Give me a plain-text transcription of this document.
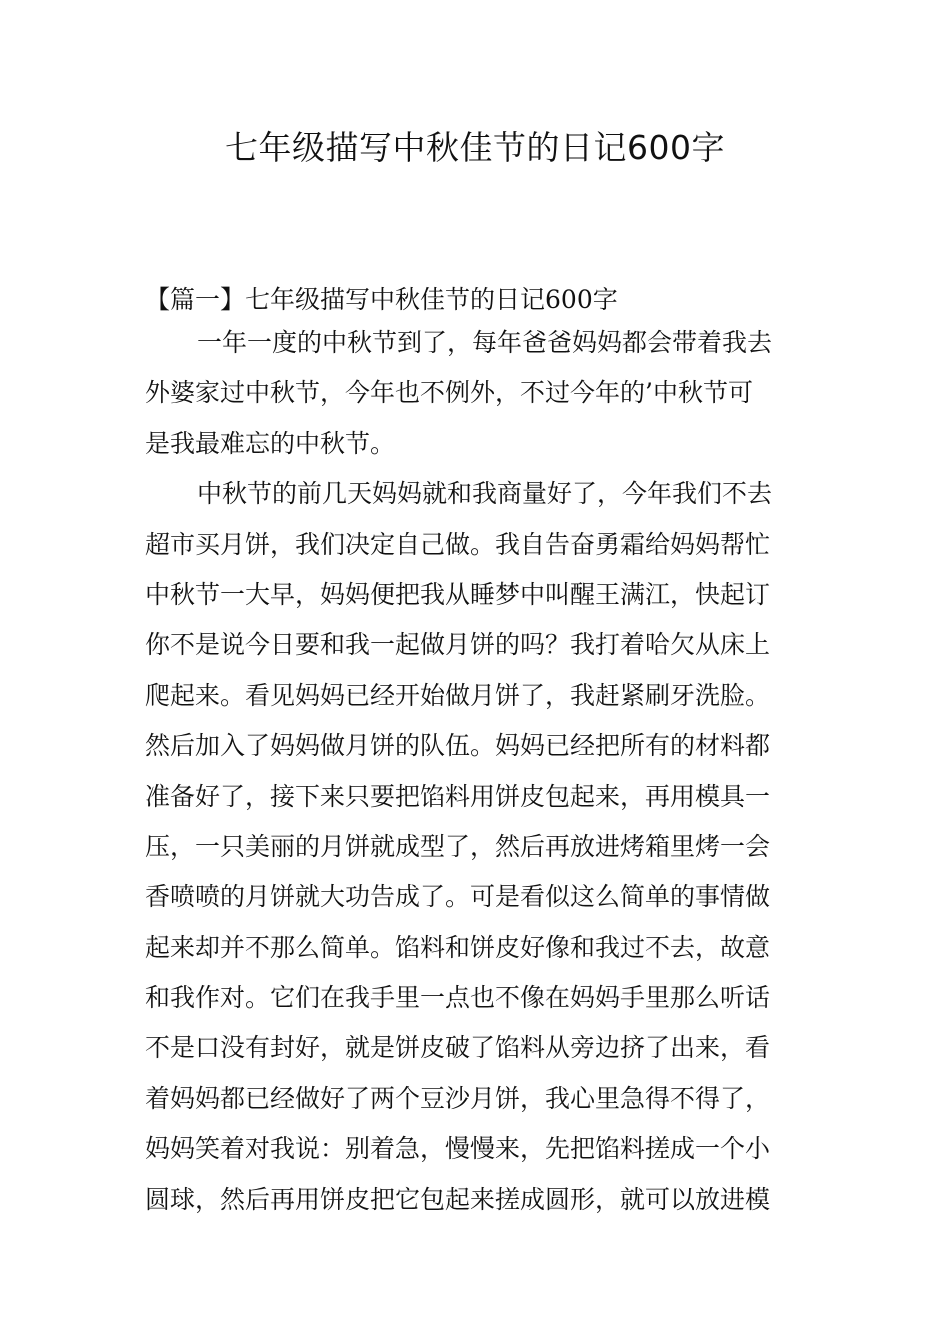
七年级描写中秋佳节的日记600字
【篇一】七年级描写中秋佳节的日记600字
一年一度的中秋节到了，每年爸爸妈妈都会带着我去
外婆家过中秋节，今年也不例外，不过今年的’中秋节可
是我最难忘的中秋节。
中秋节的前几天妈妈就和我商量好了，今年我们不去
超市买月饼，我们决定自己做。我自告奋勇霜给妈妈帮忙
中秋节一大早，妈妈便把我从睡梦中叫醒王满江，快起订
你不是说今日要和我一起做月饼的吗？我打着哈欠从床上
爬起来。看见妈妈已经开始做月饼了，我赶紧刷牙洗脸。
然后加入了妈妈做月饼的队伍。妈妈已经把所有的材料都
准备好了，接下来只要把馅料用饼皮包起来，再用模具一
压，一只美丽的月饼就成型了，然后再放进烤箱里烤一会
香喷喷的月饼就大功告成了。可是看似这么简单的事情做
起来却并不那么简单。馅料和饼皮好像和我过不去，故意
和我作对。它们在我手里一点也不像在妈妈手里那么听话
不是口没有封好，就是饼皮破了馅料从旁边挤了出来，看
着妈妈都已经做好了两个豆沙月饼，我心里急得不得了，
妈妈笑着对我说：别着急，慢慢来，先把馅料搓成一个小
圆球，然后再用饼皮把它包起来搓成圆形，就可以放进模
